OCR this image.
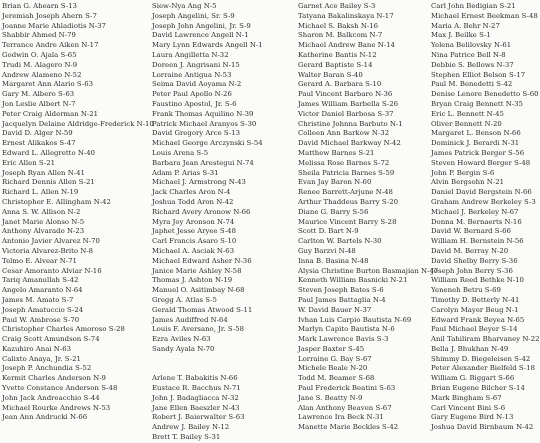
Brian G. Ahearn S-13
Jeremiah Joseph Ahern S-7
Joanne Marie Ahladiotis N-37
Shabbir Ahmed N-79
Terrance Andre Aiken N-17
Godwin O. Ajala S-65
Trudi M. Alagero N-9
Andrew Alameno N-52
Margaret Ann Alario S-63
Gary M. Albero S-63
Jon Leslie Albert N-7
Peter Craig Alderman N-21
Jacquelyn Delaine Aldridge-Frederick N-10
David D. Alger N-59
Ernest Alikakos S-47
Edward L. Allegretto N-40
Eric Allen S-21
Joseph Ryan Allen N-41
Richard Dennis Allen S-21
Richard L. Allen N-19
Christopher E. Allingham N-42
Anna S. W. Allison N-2
Janet Marie Alonso N-5
Anthony Alvarado N-23
Antonio Javier Alvarez N-70
Victoria Alvarez-Brito N-8
Telmo E. Alvear N-71
Cesar Amoranto Alviar N-16
Tariq Amanullah S-42
Angelo Amaranto N-64
James M. Amato S-7
Joseph Amatuccio S-24
Paul W. Ambrose S-70
Christopher Charles Amoroso S-28
Craig Scott Amundson S-74
Kazuhiro Anai N-63
Calixto Anaya, Jr. S-21
Joseph P. Anchundia S-52
Kermit Charles Anderson N-9
Yvette Constance Anderson S-48
John Jack Andreacchio S-44
Michael Rourke Andrews N-53
Jean Ann Andrucki N-66
Siew-Nya Ang N-5
Joseph Angelini, Sr. S-9
Joseph John Angelini, Jr. S-9
David Lawrence Angell N-1
Mary Lynn Edwards Angell N-1
Laura Angilletta N-32
Doreen J. Angrisani N-15
Lorraine Antigua N-53
Seima David Aoyama N-2
Peter Paul Apollo N-26
Faustino Apostol, Jr. S-6
Frank Thomas Aquilino N-39
Patrick Michael Aranyos S-30
David Gregory Arce S-13
Michael George Arczynski S-54
Louis Arena S-5
Barbara Jean Arestegui N-74
Adam P. Arias S-31
Michael J. Armstrong N-43
Jack Charles Aron N-4
Joshua Todd Aron N-42
Richard Avery Aronow N-66
Myra Joy Aronson N-74
Japhet Jesse Aryee S-48
Carl Francis Asaro S-10
Michael A. Asciak N-63
Michael Edward Asher N-36
Janice Marie Ashley N-58
Thomas J. Ashton N-19
Manuel O. Asitimbay N-68
Gregg A. Atlas S-5
Gerald Thomas Atwood S-11
James Audiffred N-64
Louis F. Aversano, Jr. S-58
Ezra Aviles N-63
Sandy Ayala N-70
Arlene T. Babakitis N-66
Eustace R. Bacchus N-71
John J. Badagliacca N-32
Jane Ellen Baeszler N-43
Robert J. Baierwalter S-63
Andrew J. Bailey N-12
Brett T. Bailey S-31
Garnet Ace Bailey S-3
Tatyana Bakalinskaya N-17
Michael S. Baksh N-16
Sharon M. Balkcom N-7
Michael Andrew Bane N-14
Katherine Bantis N-12
Gerard Baptiste S-14
Walter Baran S-40
Gerard A. Barbara S-10
Paul Vincent Barbaro N-36
James William Barbella S-26
Victor Daniel Barbosa S-37
Christine Johnna Barbuto N-1
Colleen Ann Barkow N-32
David Michael Barkway N-42
Matthew Barnes S-21
Melissa Rose Barnes S-72
Sheila Patricia Barnes S-59
Evan Jay Baron N-60
Renee Barrett-Arjune N-48
Arthur Thaddeus Barry S-20
Diane G. Barry S-56
Maurice Vincent Barry S-28
Scott D. Bart N-9
Carlton W. Bartels N-30
Guy Barzvi N-48
Inna B. Basina N-48
Alysia Christine Burton Basmajian N-47
Kenneth William Basnicki N-21
Steven Joseph Bates S-6
Paul James Battaglia N-4
W. David Bauer N-37
Ivhan Luis Carpio Bautista N-69
Marlyn Capito Bautista N-6
Mark Lawrence Bavis S-3
Jasper Baxter S-45
Lorraine G. Bay S-67
Michele Beale N-20
Todd M. Beamer S-68
Paul Frederick Beatini S-63
Jane S. Beatty N-9
Alan Anthony Beaven S-67
Lawrence Ira Beck N-31
Manette Marie Beckles S-42
Carl John Bedigian S-21
Michael Ernest Beekman S-48
Maria A. Behr N-27
Max J. Beilke S-1
Yelena Belilovsky N-61
Nina Patrice Bell N-8
Debbie S. Bellows N-37
Stephen Elliot Belson S-17
Paul M. Benedetti S-42
Denise Lenore Benedetto S-60
Bryan Craig Bennett N-35
Eric L. Bennett N-45
Oliver Bennett N-20
Margaret L. Benson N-66
Dominick J. Berardi N-31
James Patrick Berger S-56
Steven Howard Berger S-48
John P. Bergin S-6
Alvin Bergsohn N-21
Daniel David Bergstein N-66
Graham Andrew Berkeley S-3
Michael J. Berkeley N-67
Donna M. Bernaerts N-16
David W. Bernard S-66
William H. Bernstein N-56
David M. Berray N-20
David Shelby Berry S-36
Joseph John Berry S-36
William Reed Bethke N-10
Yeneneh Betru S-69
Timothy D. Betterly N-41
Carolyn Mayer Beug N-1
Edward Frank Beyea N-65
Paul Michael Beyer S-14
Anil Tahiliram Bharvaney N-22
Bella J. Bhukhan N-49
Shimmy D. Biegeleisen S-42
Peter Alexander Bielfeld S-18
William G. Biggart S-66
Brian Eugene Bilcher S-14
Mark Bingham S-67
Carl Vincent Bini S-6
Gary Eugene Bird N-13
Joshua David Birnbaum N-42
